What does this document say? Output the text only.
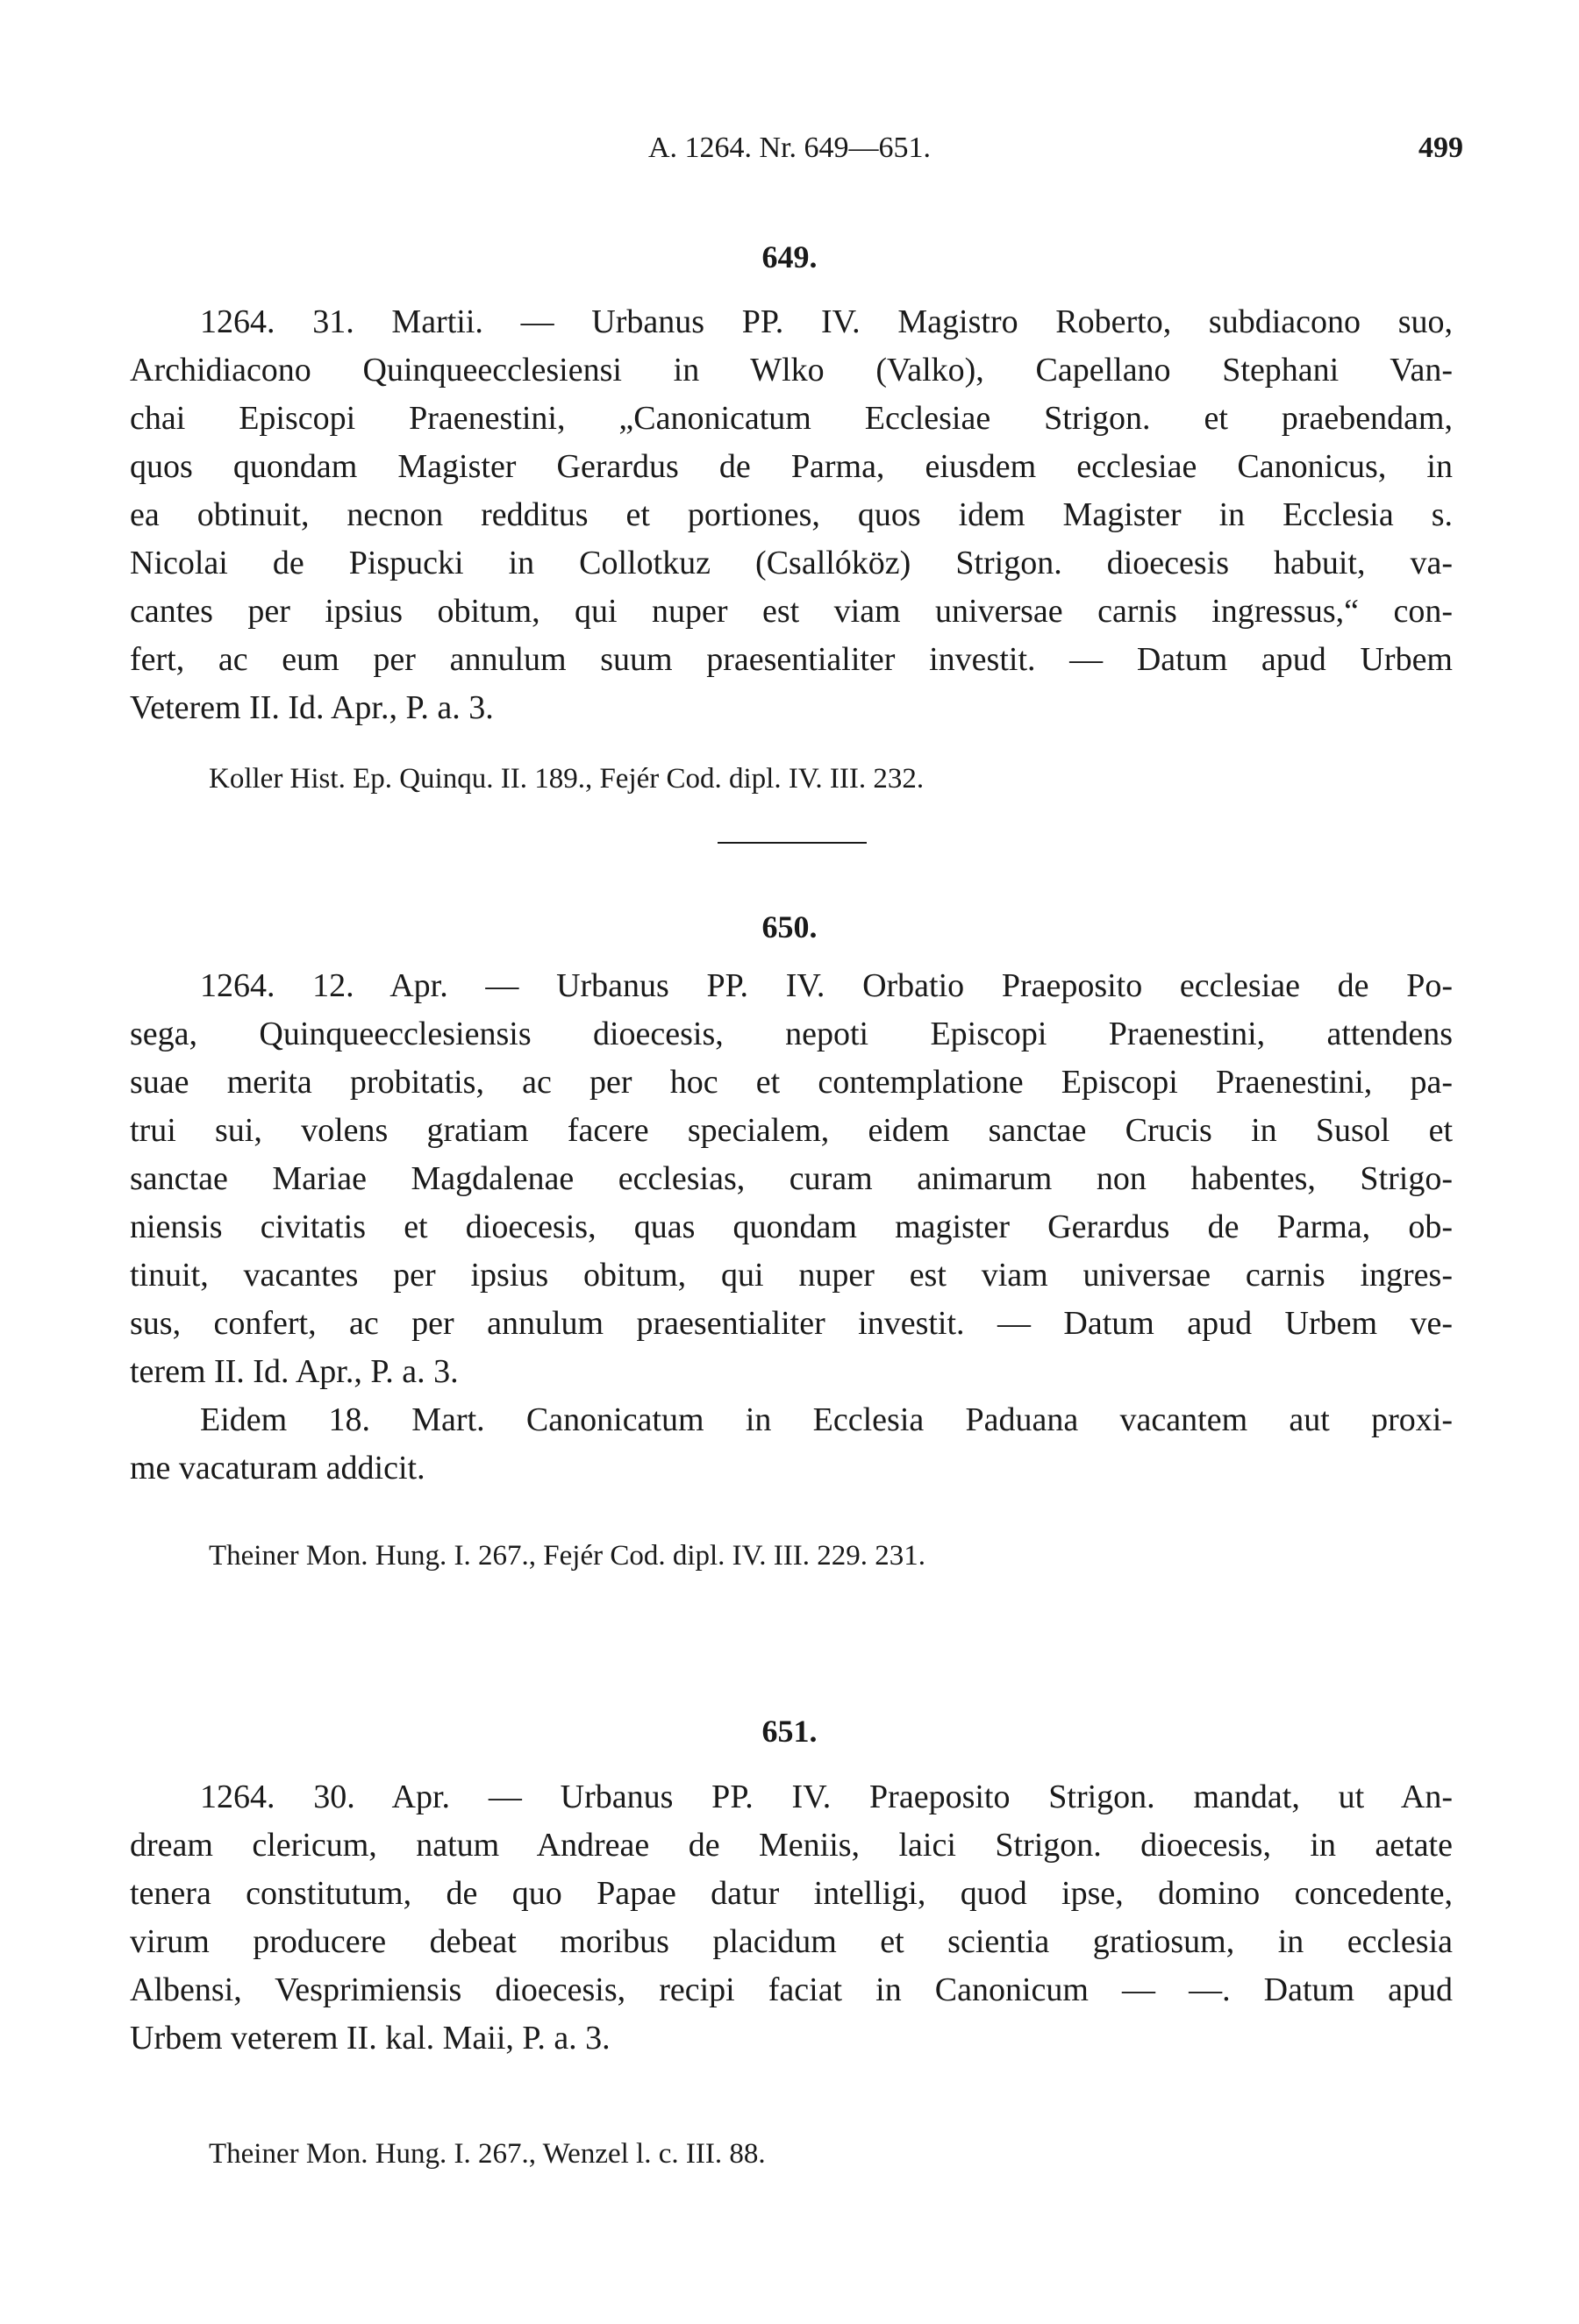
A. 1264. Nr. 649—651.	499
649.
1264. 31. Martii. — Urbanus PP. IV. Magistro Roberto, subdiacono suo,
Archidiacono Quinqueecclesiensi in Wlko (Valko), Capellano Stephani Van-
chai Episcopi Praenestini, „Canonicatum Ecclesiae Strigon. et praebendam,
quos quondam Magister Gerardus de Parma, eiusdem ecclesiae Canonicus, in
ea obtinuit, necnon redditus et portiones, quos idem Magister in Ecclesia s.
Nicolai de Pispucki in Collotkuz (Csallóköz) Strigon. dioecesis habuit, va-
cantes per ipsius obitum, qui nuper est viam universae carnis ingressus,“ con-
fert, ac eum per annulum suum praesentialiter investit. — Datum apud Urbem
Veterem II. Id. Apr., P. a. 3.
Koller Hist. Ep. Quinqu. II. 189., Fejér Cod. dipl. IV. III. 232.
650.
1264. 12. Apr. — Urbanus PP. IV. Orbatio Praeposito ecclesiae de Po-
sega, Quinqueecclesiensis dioecesis, nepoti Episcopi Praenestini, attendens
suae merita probitatis, ac per hoc et contemplatione Episcopi Praenestini, pa-
trui sui, volens gratiam facere specialem, eidem sanctae Crucis in Susol et
sanctae Mariae Magdalenae ecclesias, curam animarum non habentes, Strigo-
niensis civitatis et dioecesis, quas quondam magister Gerardus de Parma, ob-
tinuit, vacantes per ipsius obitum, qui nuper est viam universae carnis ingres-
sus, confert, ac per annulum praesentialiter investit. — Datum apud Urbem ve-
terem II. Id. Apr., P. a. 3.
Eidem 18. Mart. Canonicatum in Ecclesia Paduana vacantem aut proxi-
me vacaturam addicit.
Theiner Mon. Hung. I. 267., Fejér Cod. dipl. IV. III. 229. 231.
651.
1264. 30. Apr. — Urbanus PP. IV. Praeposito Strigon. mandat, ut An-
dream clericum, natum Andreae de Meniis, laici Strigon. dioecesis, in aetate
tenera constitutum, de quo Papae datur intelligi, quod ipse, domino concedente,
virum producere debeat moribus placidum et scientia gratiosum, in ecclesia
Albensi, Vesprimiensis dioecesis, recipi faciat in Canonicum — —. Datum apud
Urbem veterem II. kal. Maii, P. a. 3.
Theiner Mon. Hung. I. 267., Wenzel l. c. III. 88.
